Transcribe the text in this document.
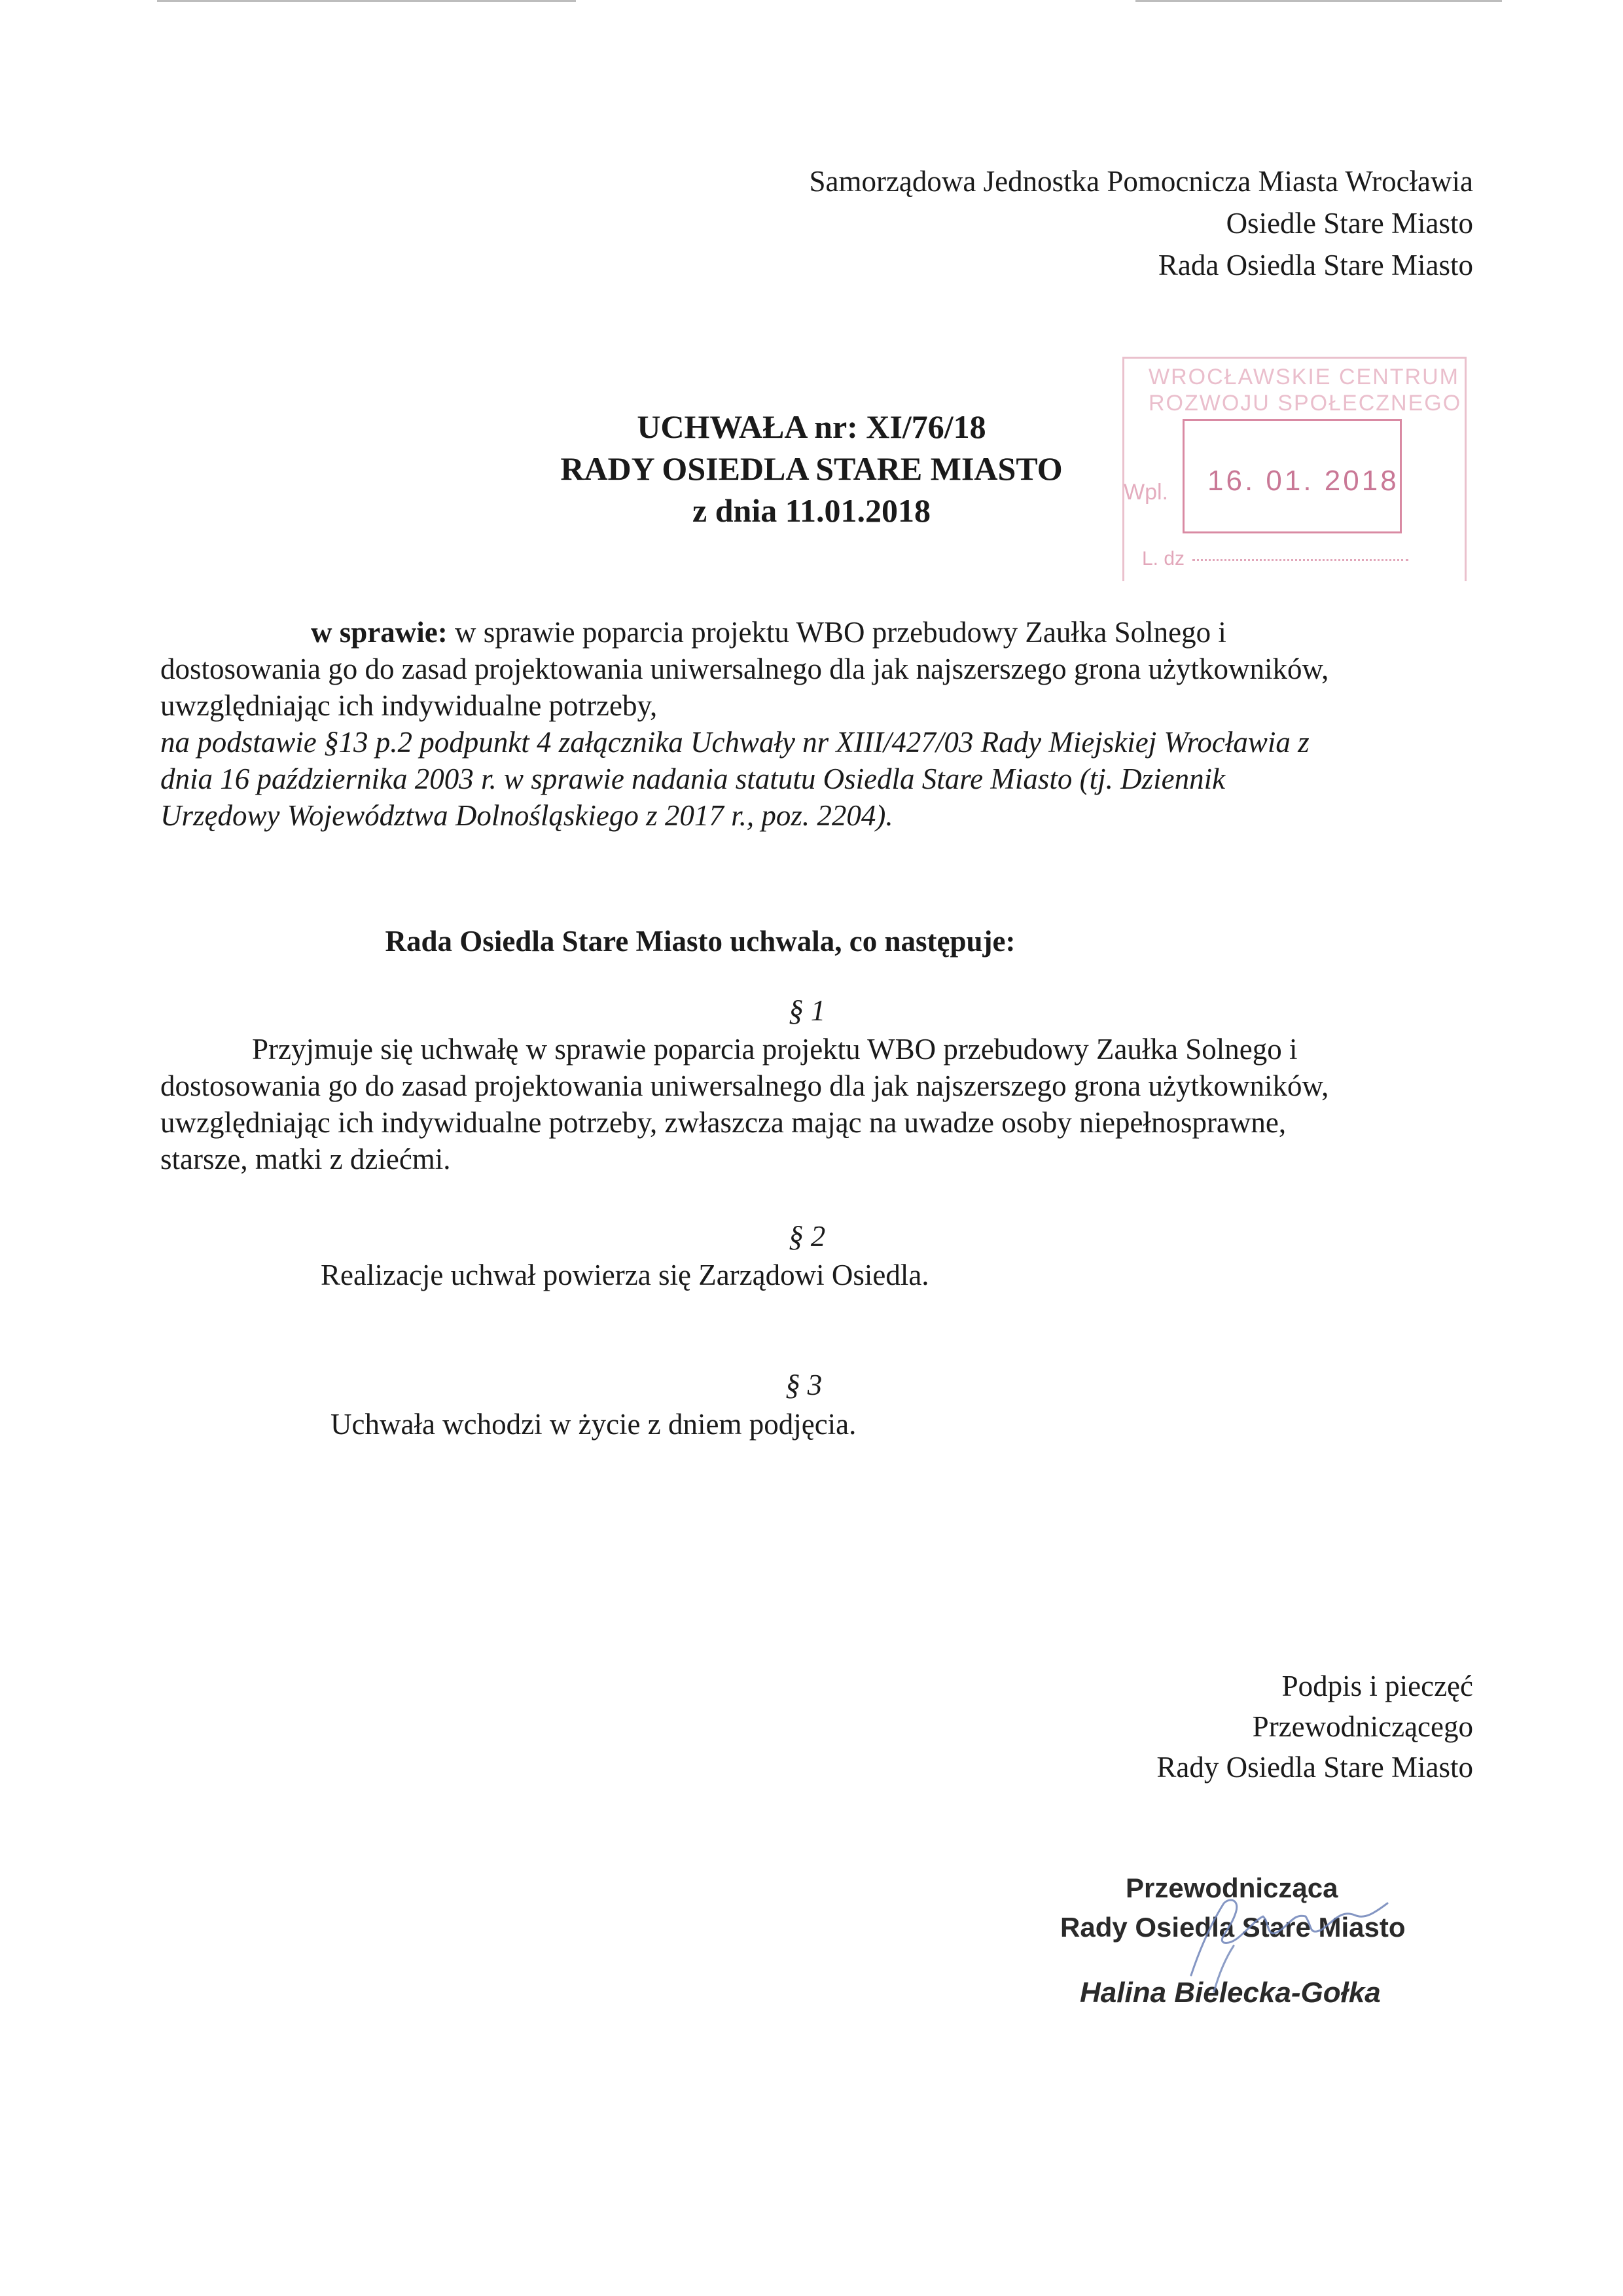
Samorządowa Jednostka Pomocnicza Miasta Wrocławia
Osiedle Stare Miasto
Rada Osiedla Stare Miasto
UCHWAŁA nr: XI/76/18
RADY OSIEDLA STARE MIASTO
z dnia 11.01.2018
WROCŁAWSKIE CENTRUM
ROZWOJU SPOŁECZNEGO
Wpl. 16. 01. 2018
L. dz
w sprawie: w sprawie poparcia projektu WBO przebudowy Zaułka Solnego i
dostosowania go do zasad projektowania uniwersalnego dla jak najszerszego grona użytkowników,
uwzględniając ich indywidualne potrzeby,
na podstawie §13 p.2 podpunkt 4 załącznika Uchwały nr XIII/427/03 Rady Miejskiej Wrocławia z
dnia 16 października 2003 r. w sprawie nadania statutu Osiedla Stare Miasto (tj. Dziennik
Urzędowy Województwa Dolnośląskiego z 2017 r., poz. 2204).
Rada Osiedla Stare Miasto uchwala, co następuje:
§ 1
Przyjmuje się uchwałę w sprawie poparcia projektu WBO przebudowy Zaułka Solnego i
dostosowania go do zasad projektowania uniwersalnego dla jak najszerszego grona użytkowników,
uwzględniając ich indywidualne potrzeby, zwłaszcza mając na uwadze osoby niepełnosprawne,
starsze, matki z dziećmi.
§ 2
Realizacje uchwał powierza się Zarządowi Osiedla.
§ 3
Uchwała wchodzi w życie z dniem podjęcia.
Podpis i pieczęć
Przewodniczącego
Rady Osiedla Stare Miasto
Przewodnicząca
Rady Osiedla Stare Miasto
Halina Bielecka-Gołka
